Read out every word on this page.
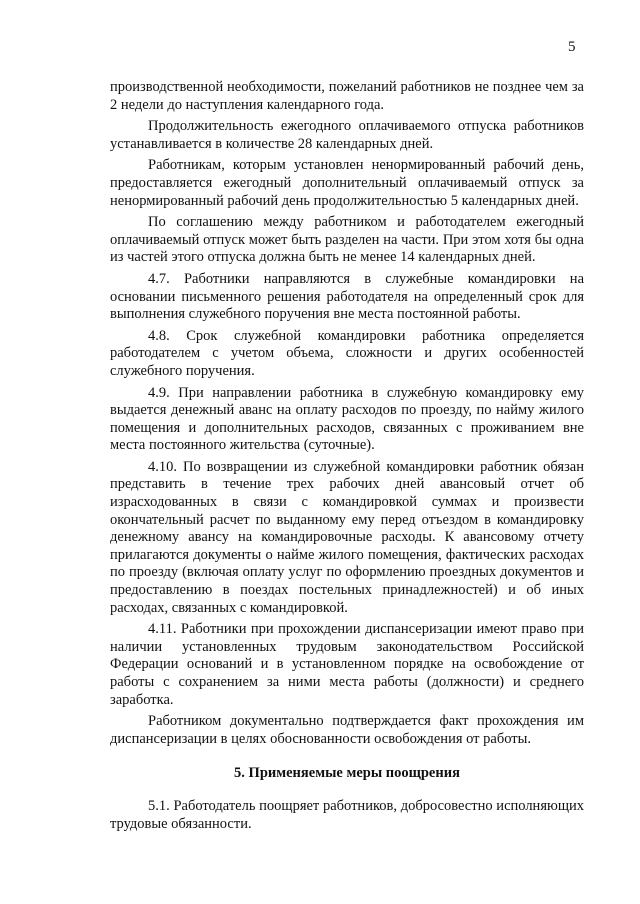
5

производственной необходимости, пожеланий работников не позднее чем за 2 недели до наступления календарного года.

Продолжительность ежегодного оплачиваемого отпуска работников устанавливается в количестве 28 календарных дней.

Работникам, которым установлен ненормированный рабочий день, предоставляется ежегодный дополнительный оплачиваемый отпуск за ненормированный рабочий день продолжительностью 5 календарных дней.

По соглашению между работником и работодателем ежегодный оплачиваемый отпуск может быть разделен на части. При этом хотя бы одна из частей этого отпуска должна быть не менее 14 календарных дней.

4.7. Работники направляются в служебные командировки на основании письменного решения работодателя на определенный срок для выполнения служебного поручения вне места постоянной работы.

4.8. Срок служебной командировки работника определяется работодателем с учетом объема, сложности и других особенностей служебного поручения.

4.9. При направлении работника в служебную командировку ему выдается денежный аванс на оплату расходов по проезду, по найму жилого помещения и дополнительных расходов, связанных с проживанием вне места постоянного жительства (суточные).

4.10. По возвращении из служебной командировки работник обязан представить в течение трех рабочих дней авансовый отчет об израсходованных в связи с командировкой суммах и произвести окончательный расчет по выданному ему перед отъездом в командировку денежному авансу на командировочные расходы. К авансовому отчету прилагаются документы о найме жилого помещения, фактических расходах по проезду (включая оплату услуг по оформлению проездных документов и предоставлению в поездах постельных принадлежностей) и об иных расходах, связанных с командировкой.

4.11. Работники при прохождении диспансеризации имеют право при наличии установленных трудовым законодательством Российской Федерации оснований и в установленном порядке на освобождение от работы с сохранением за ними места работы (должности) и среднего заработка.

Работником документально подтверждается факт прохождения им диспансеризации в целях обоснованности освобождения от работы.

5. Применяемые меры поощрения

5.1. Работодатель поощряет работников, добросовестно исполняющих трудовые обязанности.
